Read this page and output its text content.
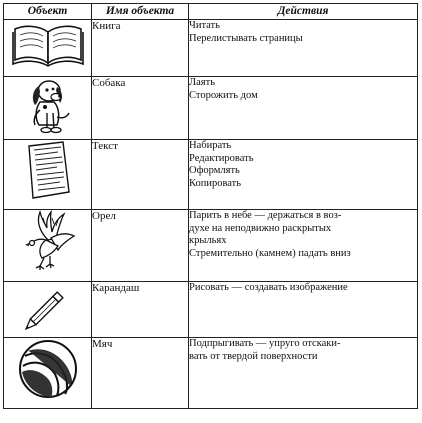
Объект	Имя объекта	Действия

	Книга	Читать
Перелистывать страницы

	Собака	Лаять
Сторожить дом

	Текст	Набирать
Редактировать
Оформлять
Копировать

	Орел	Парить в небе — держаться в воз-
духе на неподвижно раскрытых
крыльях
Стремительно (камнем) падать вниз

	Карандаш	Рисовать — создавать изображение

	Мяч	Подпрыгивать — упруго отскаки-
вать от твердой поверхности
